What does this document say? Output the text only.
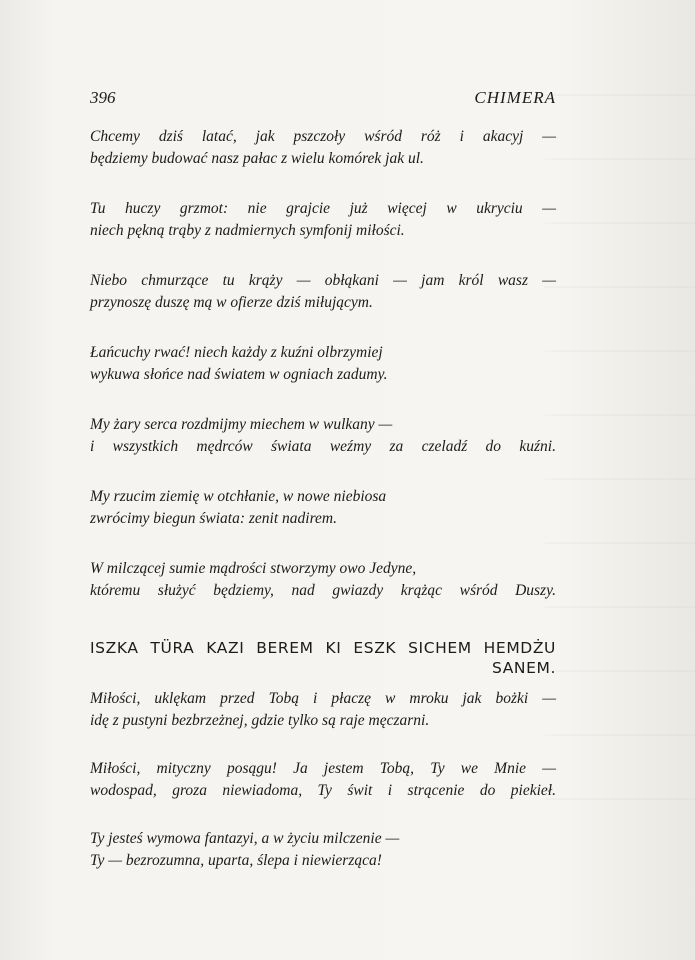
396	CHIMERA

Chcemy dziś latać, jak pszczoły wśród róż i akacyj —
będziemy budować nasz pałac z wielu komórek jak ul.

Tu huczy grzmot: nie grajcie już więcej w ukryciu —
niech pękną trąby z nadmiernych symfonij miłości.

Niebo chmurzące tu krąży — obłąkani — jam król wasz —
przynoszę duszę mą w ofierze dziś miłującym.

Łańcuchy rwać! niech każdy z kuźni olbrzymiej
wykuwa słońce nad światem w ogniach zadumy.

My żary serca rozdmijmy miechem w wulkany —
i wszystkich mędrców świata weźmy za czeladź do kuźni.

My rzucim ziemię w otchłanie, w nowe niebiosa
zwrócimy biegun świata: zenit nadirem.

W milczącej sumie mądrości stworzymy owo Jedyne,
któremu służyć będziemy, nad gwiazdy krążąc wśród Duszy.

ISZKA TÜRA KAZI BEREM KI ESZK SICHEM HEMDŻU
SANEM.

Miłości, uklękam przed Tobą i płaczę w mroku jak bożki —
idę z pustyni bezbrzeżnej, gdzie tylko są raje męczarni.

Miłości, mityczny posągu! Ja jestem Tobą, Ty we Mnie —
wodospad, groza niewiadoma, Ty świt i strącenie do piekieł.

Ty jesteś wymowa fantazyi, a w życiu milczenie —
Ty — bezrozumna, uparta, ślepa i niewierząca!
